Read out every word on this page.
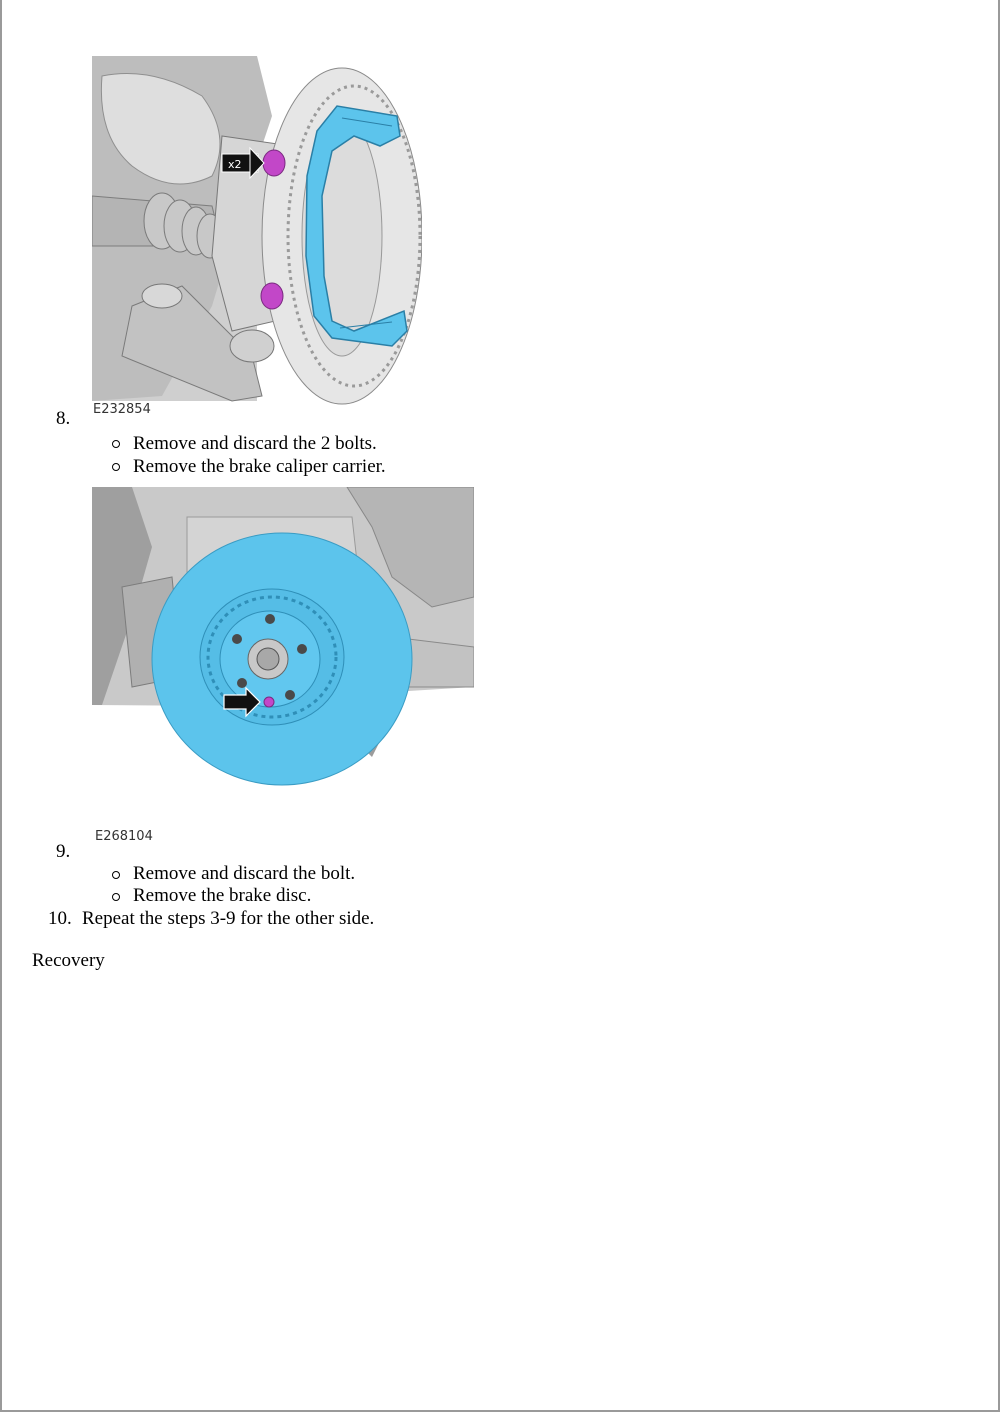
x2
E232854
8.
Remove and discard the 2 bolts.
Remove the brake caliper carrier.
E268104
9.
Remove and discard the bolt.
Remove the brake disc.
10. Repeat the steps 3-9 for the other side.
Recovery
